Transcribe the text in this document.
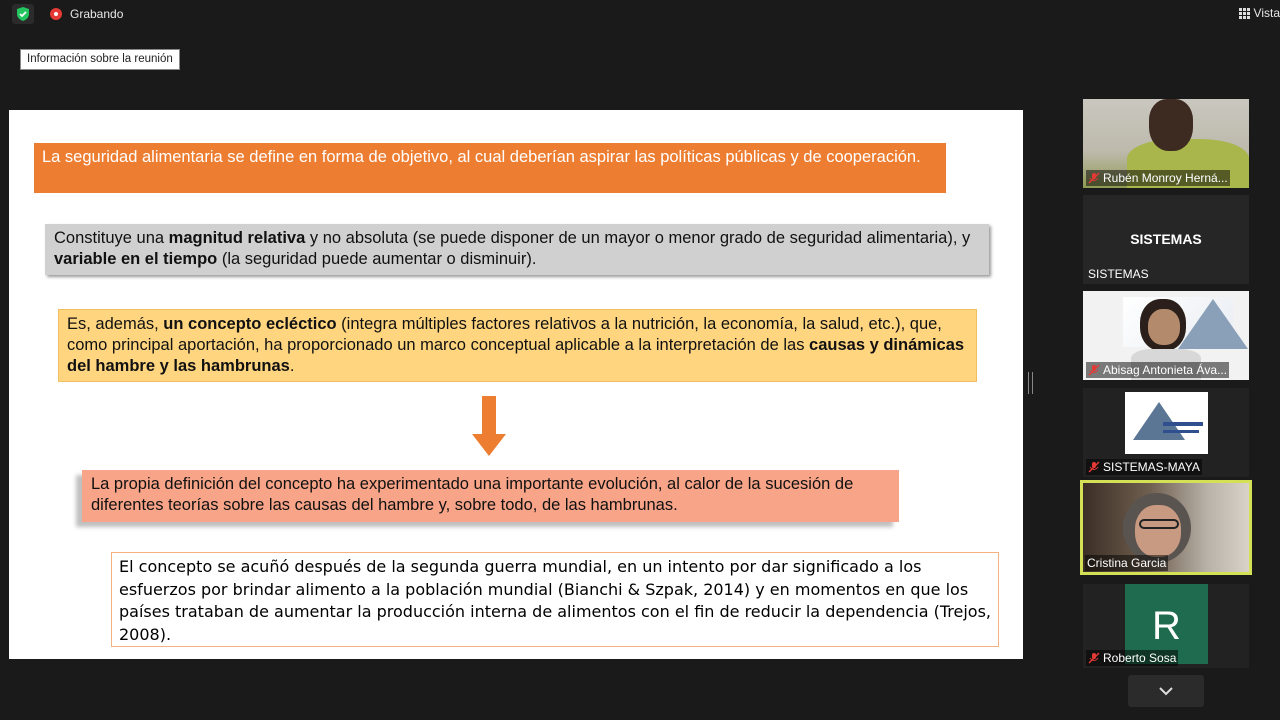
Grabando	Vista
Información sobre la reunión
La seguridad alimentaria se define en forma de objetivo, al cual deberían aspirar las políticas públicas y de cooperación.
Constituye una magnitud relativa y no absoluta (se puede disponer de un mayor o menor grado de seguridad alimentaria), y variable en el tiempo (la seguridad puede aumentar o disminuir).
Es, además, un concepto ecléctico (integra múltiples factores relativos a la nutrición, la economía, la salud, etc.), que, como principal aportación, ha proporcionado un marco conceptual aplicable a la interpretación de las causas y dinámicas del hambre y las hambrunas.
La propia definición del concepto ha experimentado una importante evolución, al calor de la sucesión de diferentes teorías sobre las causas del hambre y, sobre todo, de las hambrunas.
El concepto se acuñó después de la segunda guerra mundial, en un intento por dar significado a los esfuerzos por brindar alimento a la población mundial (Bianchi & Szpak, 2014) y en momentos en que los países trataban de aumentar la producción interna de alimentos con el fin de reducir la dependencia (Trejos, 2008).
Rubén Monroy Herná...
SISTEMAS
SISTEMAS
Abisag Antonieta Áva...
SISTEMAS-MAYA
Cristina Garcia
R
Roberto Sosa
